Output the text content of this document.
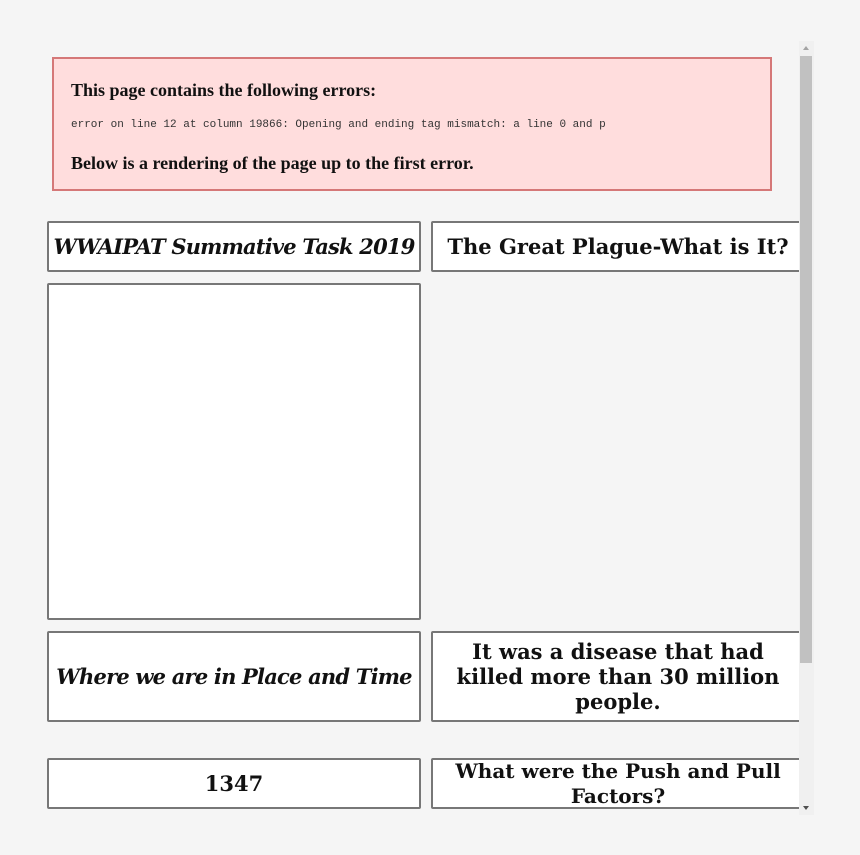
This page contains the following errors:
error on line 12 at column 19866: Opening and ending tag mismatch: a line 0 and p
Below is a rendering of the page up to the first error.
WWAIPAT Summative Task 2019 The Great Plague-What is It?
Where we are in Place and Time
It was a disease that had killed more than 30 million people.
1347
What were the Push and Pull Factors?
